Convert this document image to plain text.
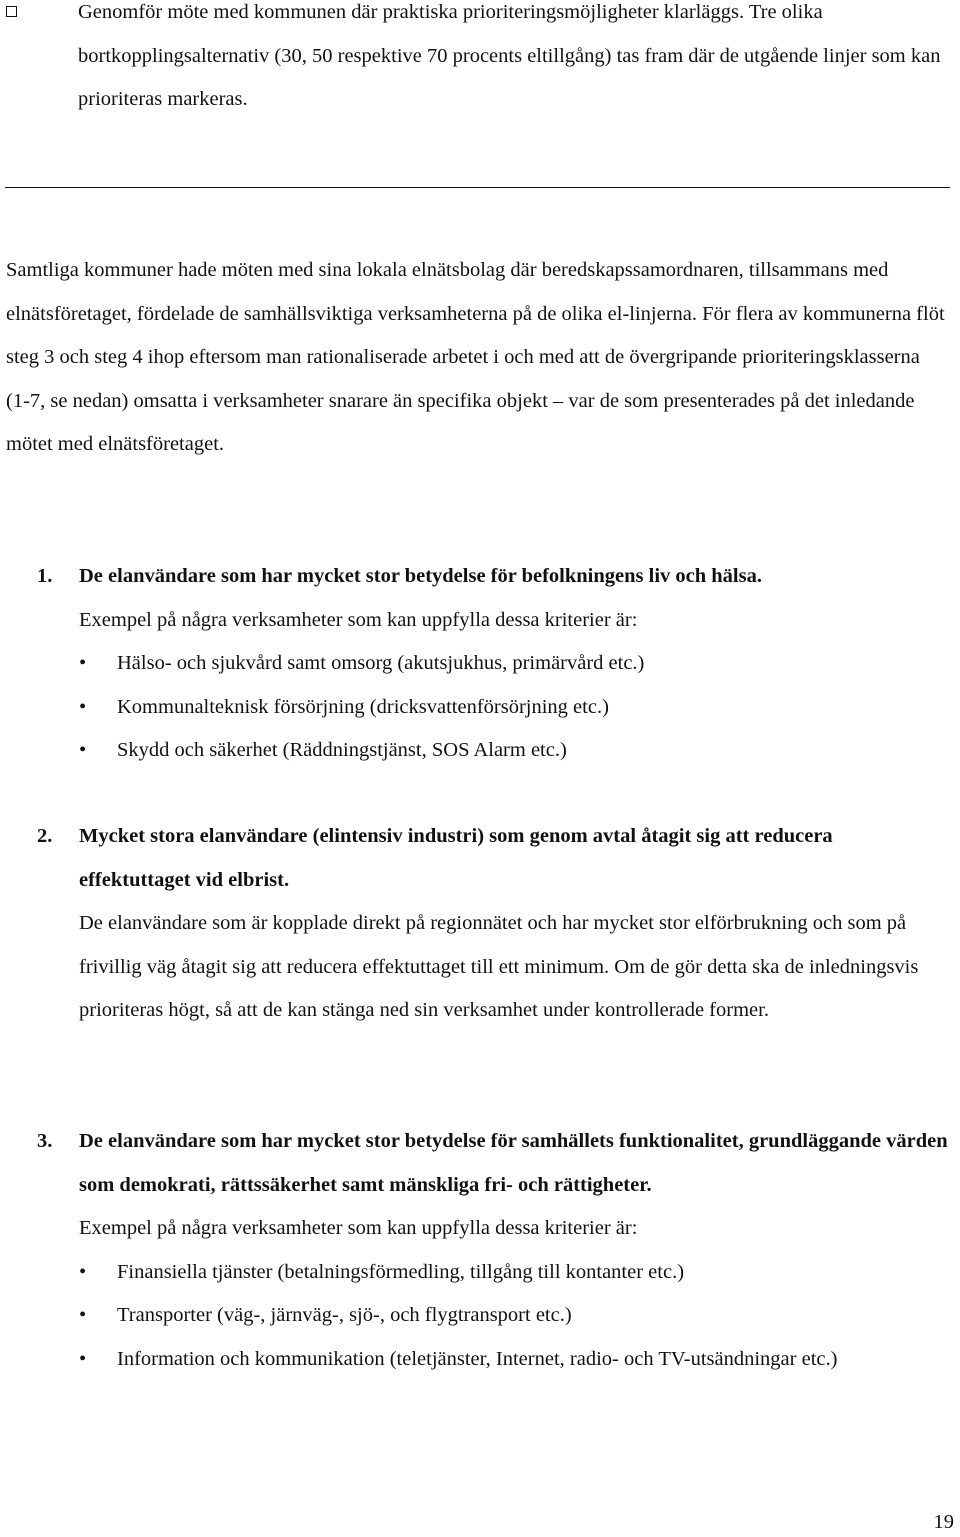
Genomför möte med kommunen där praktiska prioriteringsmöjligheter klarläggs. Tre olika bortkopplingsalternativ (30, 50 respektive 70 procents eltillgång) tas fram där de utgående linjer som kan prioriteras markeras.

Samtliga kommuner hade möten med sina lokala elnätsbolag där beredskapssamordnaren, tillsammans med elnätsföretaget, fördelade de samhällsviktiga verksamheterna på de olika el-linjerna. För flera av kommunerna flöt steg 3 och steg 4 ihop eftersom man rationaliserade arbetet i och med att de övergripande prioriteringsklasserna (1-7, se nedan) omsatta i verksamheter snarare än specifika objekt – var de som presenterades på det inledande mötet med elnätsföretaget.

1. De elanvändare som har mycket stor betydelse för befolkningens liv och hälsa.
Exempel på några verksamheter som kan uppfylla dessa kriterier är:
• Hälso- och sjukvård samt omsorg (akutsjukhus, primärvård etc.)
• Kommunalteknisk försörjning (dricksvattenförsörjning etc.)
• Skydd och säkerhet (Räddningstjänst, SOS Alarm etc.)
2. Mycket stora elanvändare (elintensiv industri) som genom avtal åtagit sig att reducera effektuttaget vid elbrist.
De elanvändare som är kopplade direkt på regionnätet och har mycket stor elförbrukning och som på frivillig väg åtagit sig att reducera effektuttaget till ett minimum. Om de gör detta ska de inledningsvis prioriteras högt, så att de kan stänga ned sin verksamhet under kontrollerade former.
3. De elanvändare som har mycket stor betydelse för samhällets funktionalitet, grundläggande värden som demokrati, rättssäkerhet samt mänskliga fri- och rättigheter.
Exempel på några verksamheter som kan uppfylla dessa kriterier är:
• Finansiella tjänster (betalningsförmedling, tillgång till kontanter etc.)
• Transporter (väg-, järnväg-, sjö-, och flygtransport etc.)
• Information och kommunikation (teletjänster, Internet, radio- och TV-utsändningar etc.)
19
